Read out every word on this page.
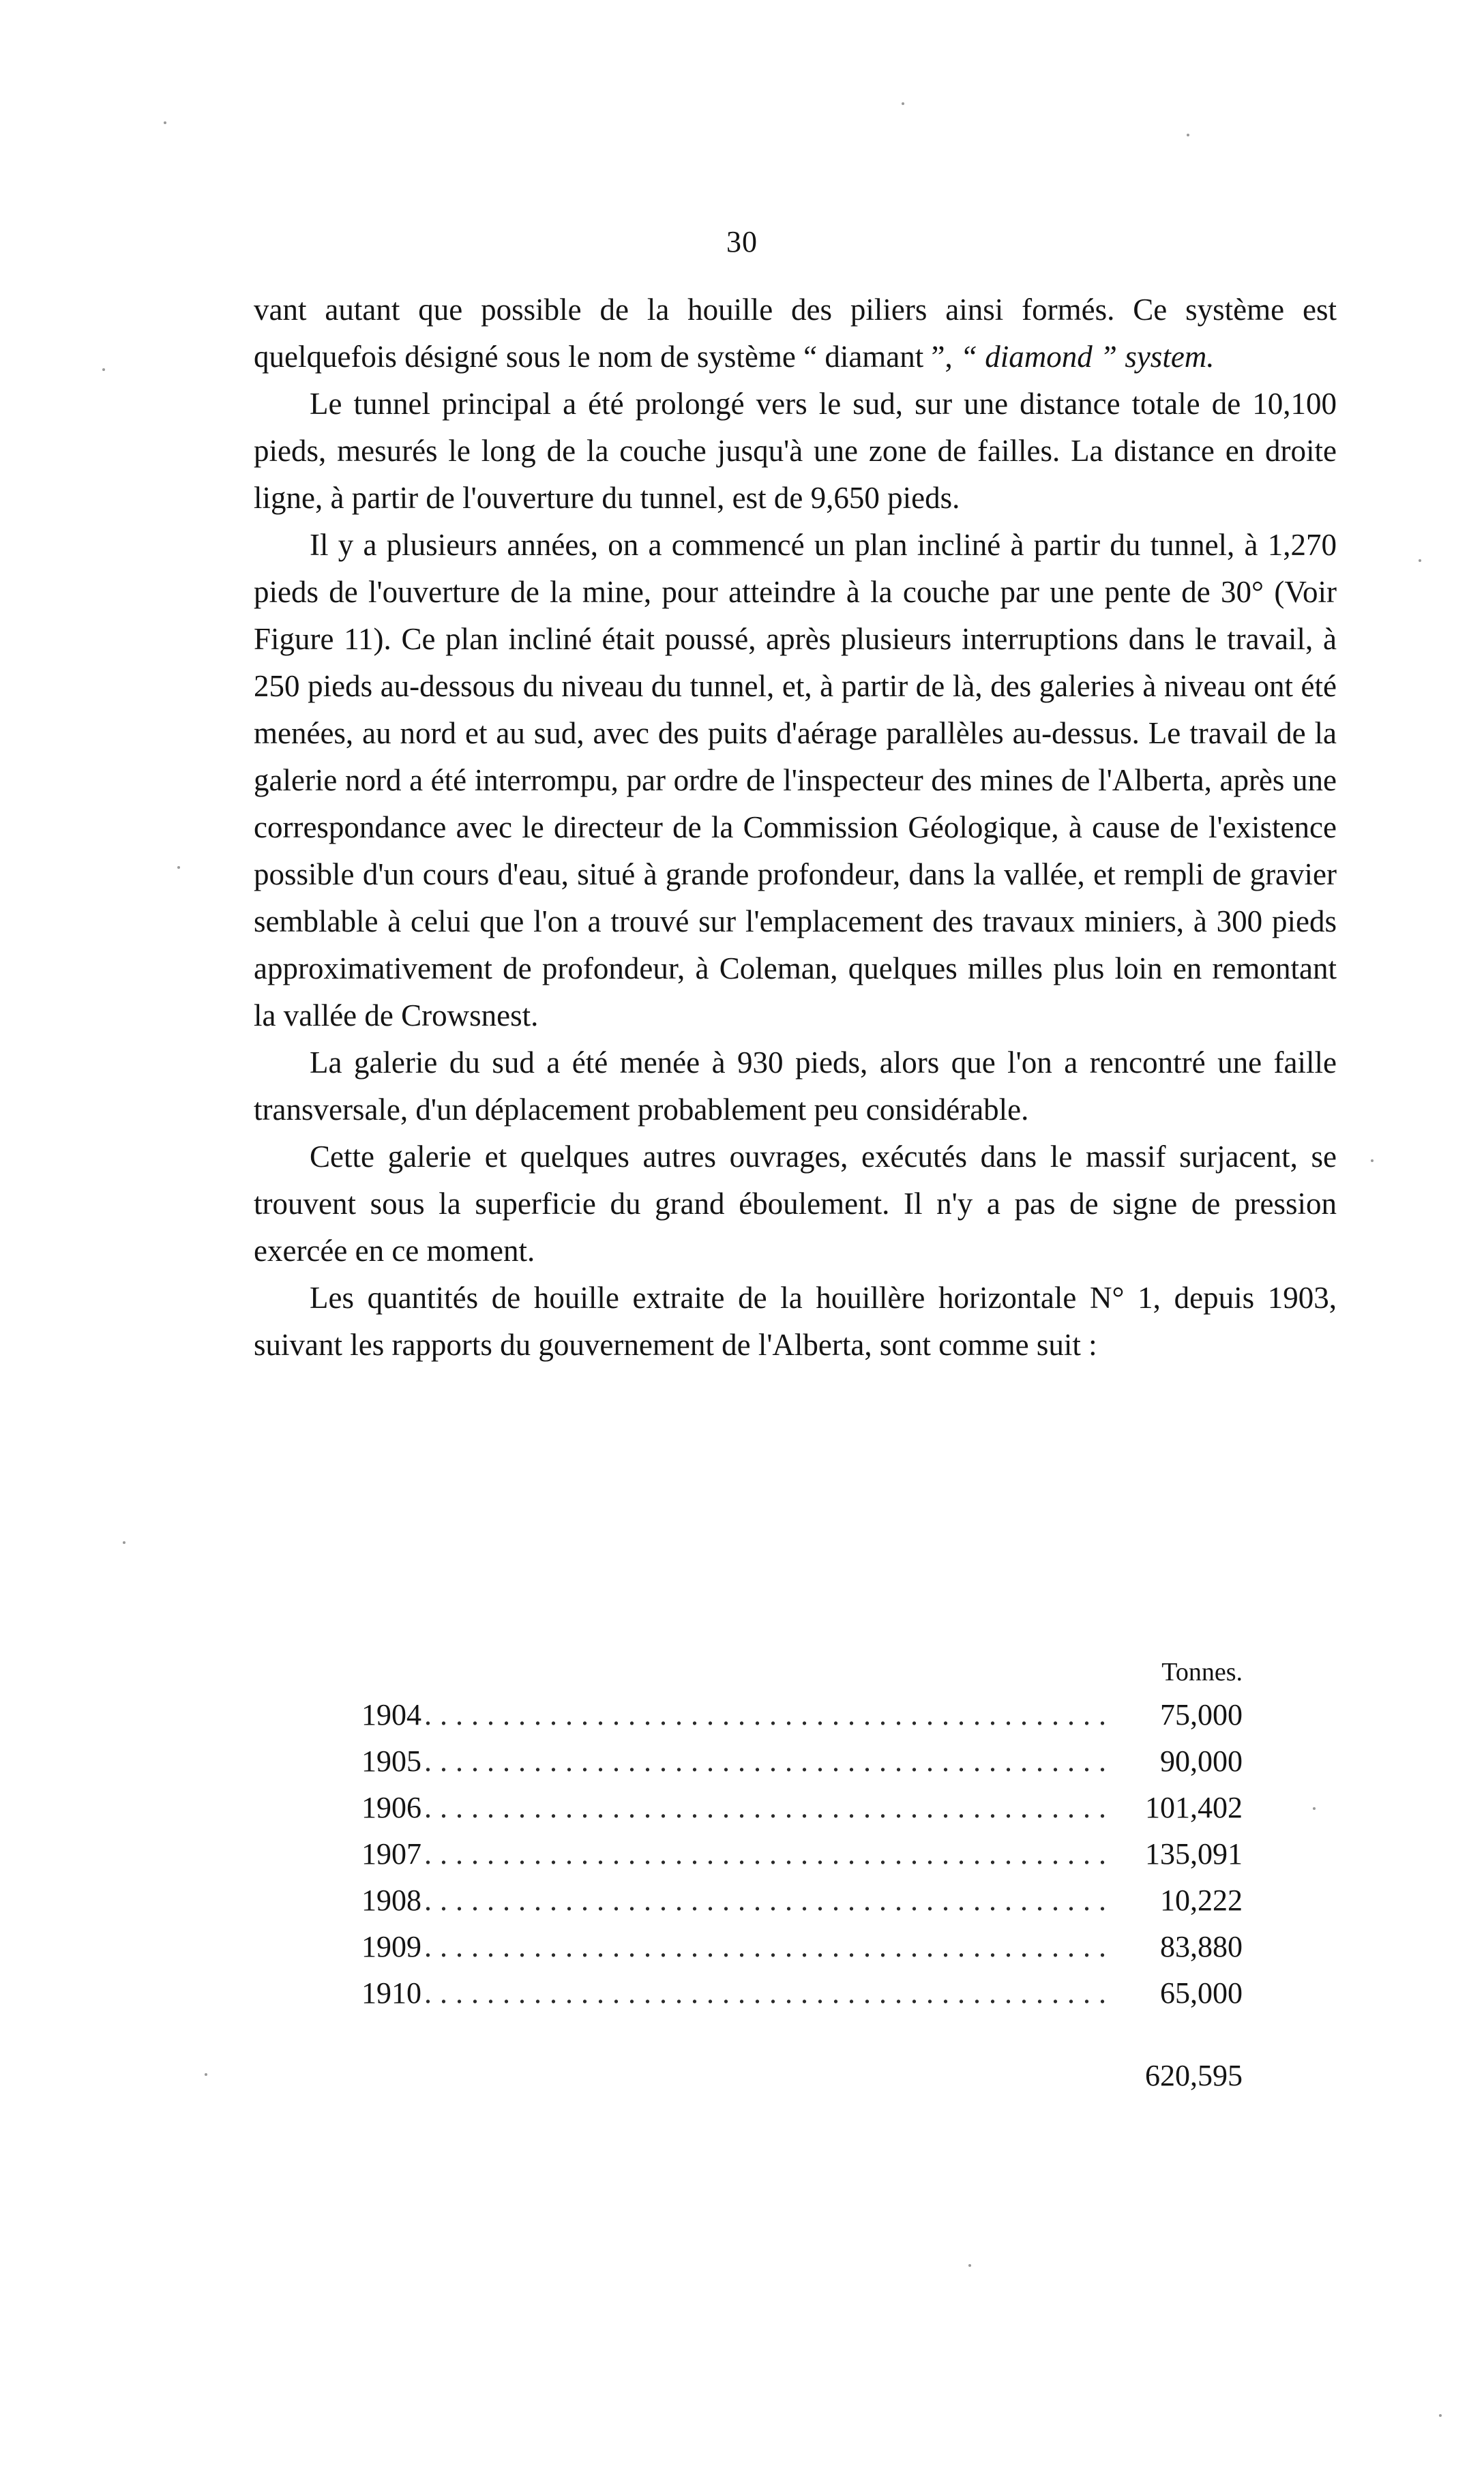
30

vant autant que possible de la houille des piliers ainsi formés. Ce système est quelquefois désigné sous le nom de système “ diamant ”, “ diamond ” system.

Le tunnel principal a été prolongé vers le sud, sur une distance totale de 10,100 pieds, mesurés le long de la couche jusqu'à une zone de failles. La distance en droite ligne, à partir de l'ouverture du tunnel, est de 9,650 pieds.

Il y a plusieurs années, on a commencé un plan incliné à partir du tunnel, à 1,270 pieds de l'ouverture de la mine, pour atteindre à la couche par une pente de 30° (Voir Figure 11). Ce plan incliné était poussé, après plusieurs interruptions dans le travail, à 250 pieds au-dessous du niveau du tunnel, et, à partir de là, des galeries à niveau ont été menées, au nord et au sud, avec des puits d'aérage parallèles au-dessus. Le travail de la galerie nord a été interrompu, par ordre de l'inspecteur des mines de l'Alberta, après une correspondance avec le directeur de la Commission Géologique, à cause de l'existence possible d'un cours d'eau, situé à grande profondeur, dans la vallée, et rempli de gravier semblable à celui que l'on a trouvé sur l'emplacement des travaux miniers, à 300 pieds approximativement de profondeur, à Coleman, quelques milles plus loin en remontant la vallée de Crowsnest.

La galerie du sud a été menée à 930 pieds, alors que l'on a rencontré une faille transversale, d'un déplacement probablement peu considérable.

Cette galerie et quelques autres ouvrages, exécutés dans le massif surjacent, se trouvent sous la superficie du grand éboulement. Il n'y a pas de signe de pression exercée en ce moment.

Les quantités de houille extraite de la houillère horizontale N° 1, depuis 1903, suivant les rapports du gouvernement de l'Alberta, sont comme suit :

Tonnes.
1904 .....	75,000
1905 .....	90,000
1906 .....	101,402
1907 .....	135,091
1908 .....	10,222
1909 .....	83,880
1910 .....	65,000
620,595
